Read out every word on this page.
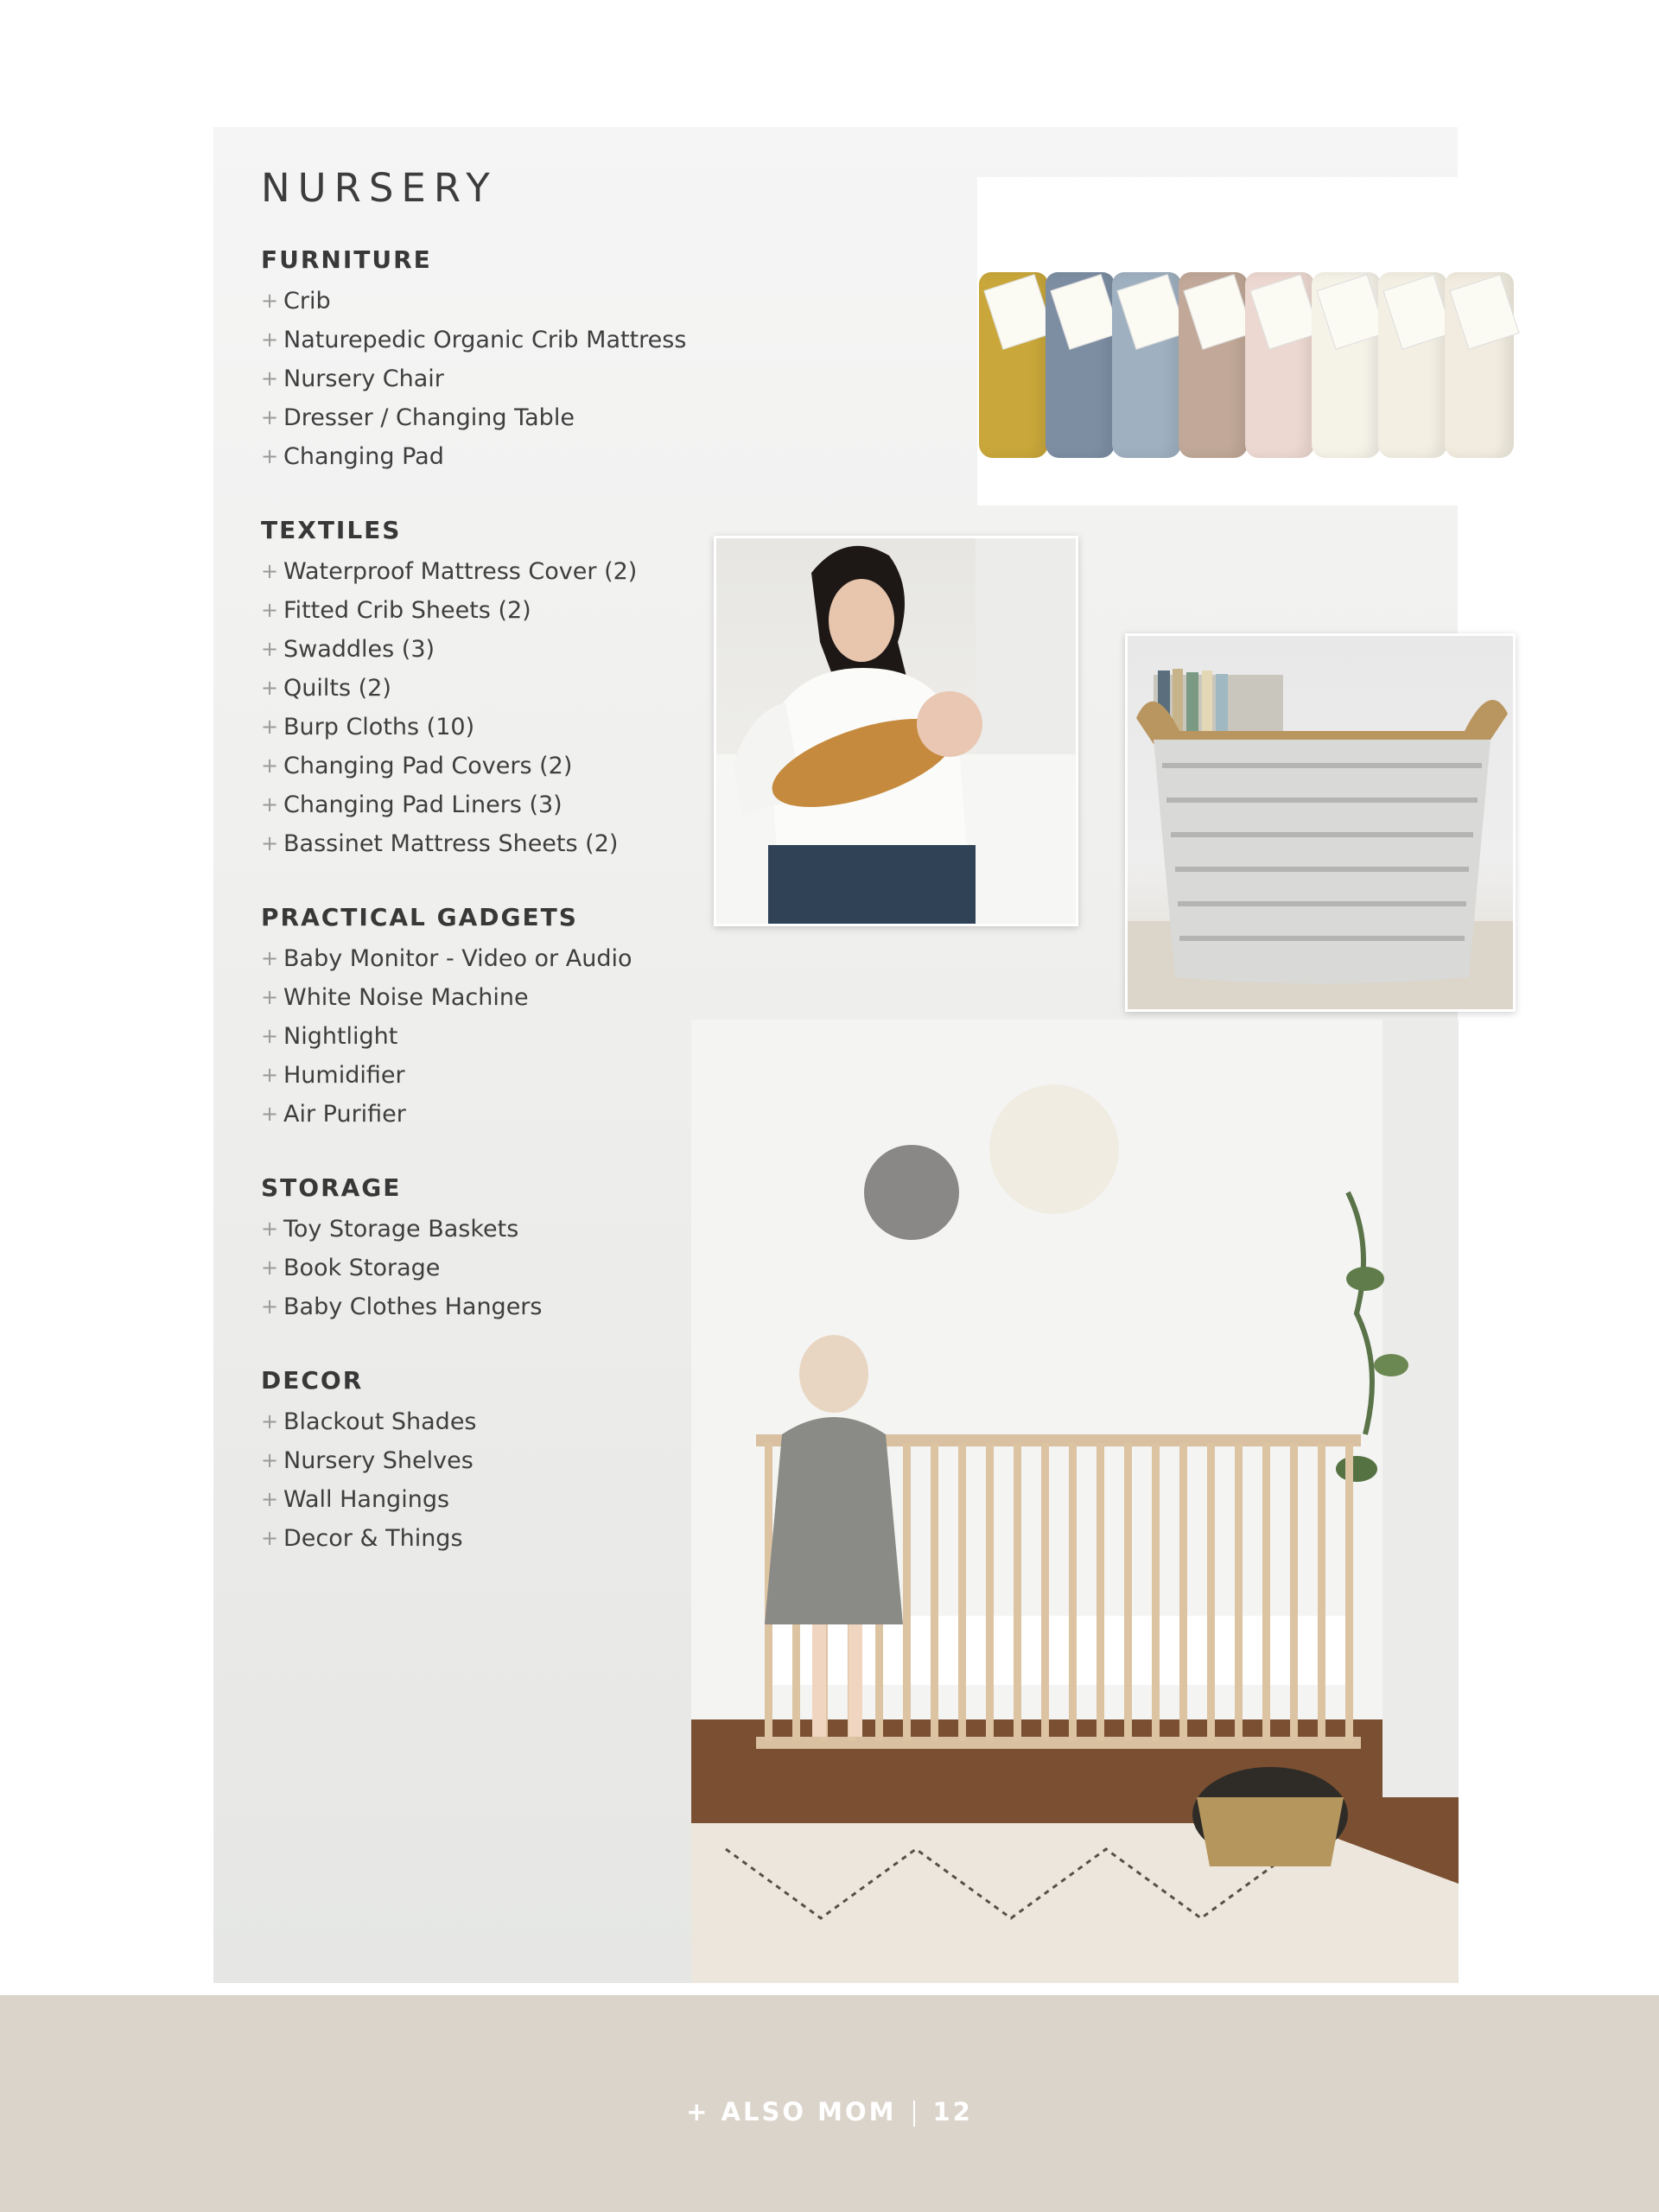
NURSERY
FURNITURE
+ Crib
+ Naturepedic Organic Crib Mattress
+ Nursery Chair
+ Dresser / Changing Table
+ Changing Pad
TEXTILES
+ Waterproof Mattress Cover (2)
+ Fitted Crib Sheets (2)
+ Swaddles (3)
+ Quilts (2)
+ Burp Cloths (10)
+ Changing Pad Covers (2)
+ Changing Pad Liners (3)
+ Bassinet Mattress Sheets (2)
PRACTICAL GADGETS
+ Baby Monitor - Video or Audio
+ White Noise Machine
+ Nightlight
+ Humidifier
+ Air Purifier
STORAGE
+ Toy Storage Baskets
+ Book Storage
+ Baby Clothes Hangers
DECOR
+ Blackout Shades
+ Nursery Shelves
+ Wall Hangings
+ Decor & Things
+ ALSO MOM 12
